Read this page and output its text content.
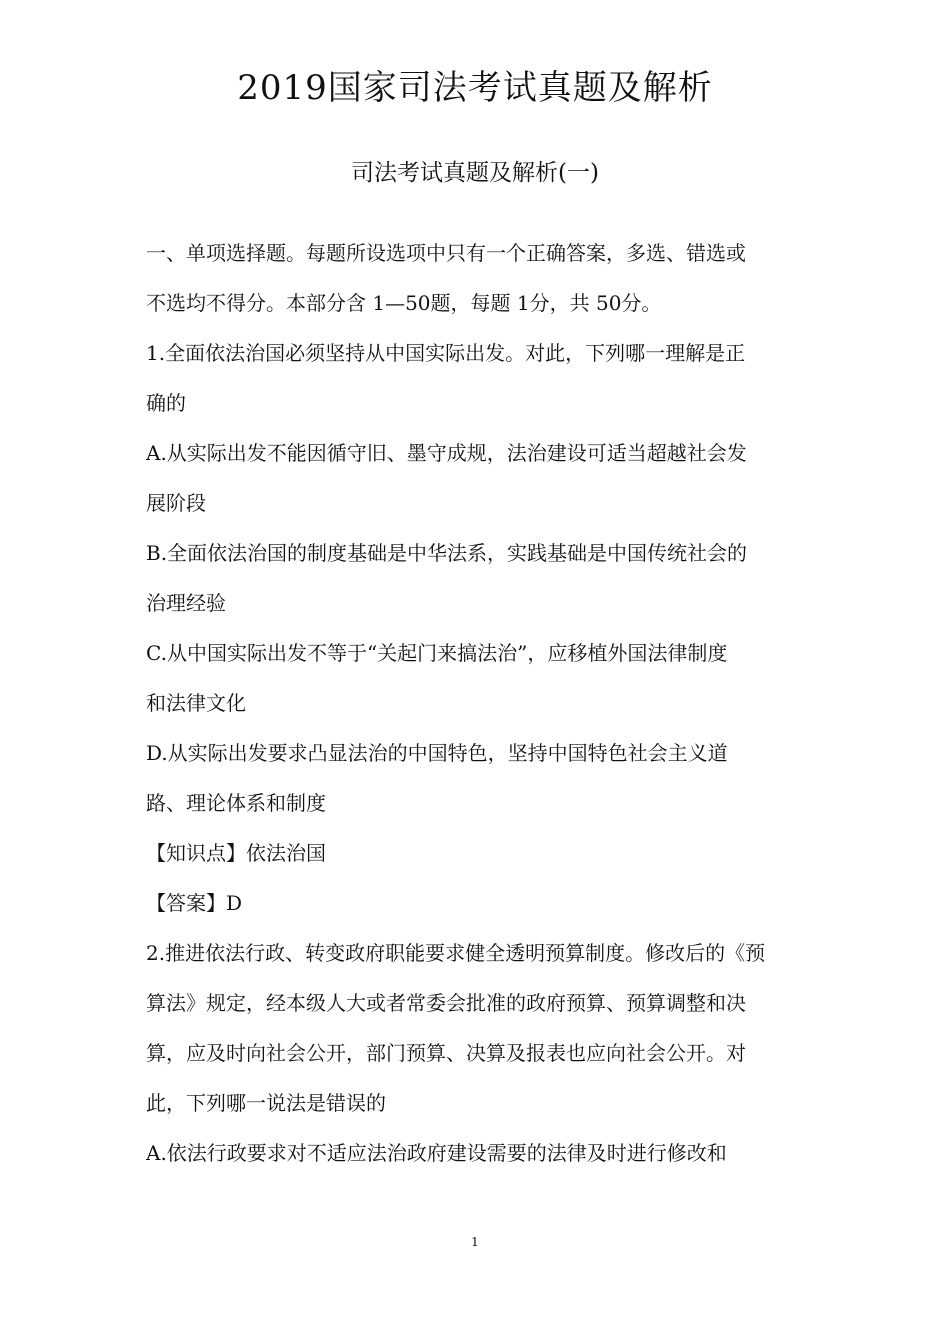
2019国家司法考试真题及解析
司法考试真题及解析(一)
一、单项选择题。每题所设选项中只有一个正确答案，多选、错选或
不选均不得分。本部分含 1—50题，每题 1分，共 50分。
1.全面依法治国必须坚持从中国实际出发。对此，下列哪一理解是正
确的
A.从实际出发不能因循守旧、墨守成规，法治建设可适当超越社会发
展阶段
B.全面依法治国的制度基础是中华法系，实践基础是中国传统社会的
治理经验
C.从中国实际出发不等于“关起门来搞法治”，应移植外国法律制度
和法律文化
D.从实际出发要求凸显法治的中国特色，坚持中国特色社会主义道
路、理论体系和制度
【知识点】依法治国
【答案】D
2.推进依法行政、转变政府职能要求健全透明预算制度。修改后的《预
算法》规定，经本级人大或者常委会批准的政府预算、预算调整和决
算，应及时向社会公开，部门预算、决算及报表也应向社会公开。对
此，下列哪一说法是错误的
A.依法行政要求对不适应法治政府建设需要的法律及时进行修改和
1
